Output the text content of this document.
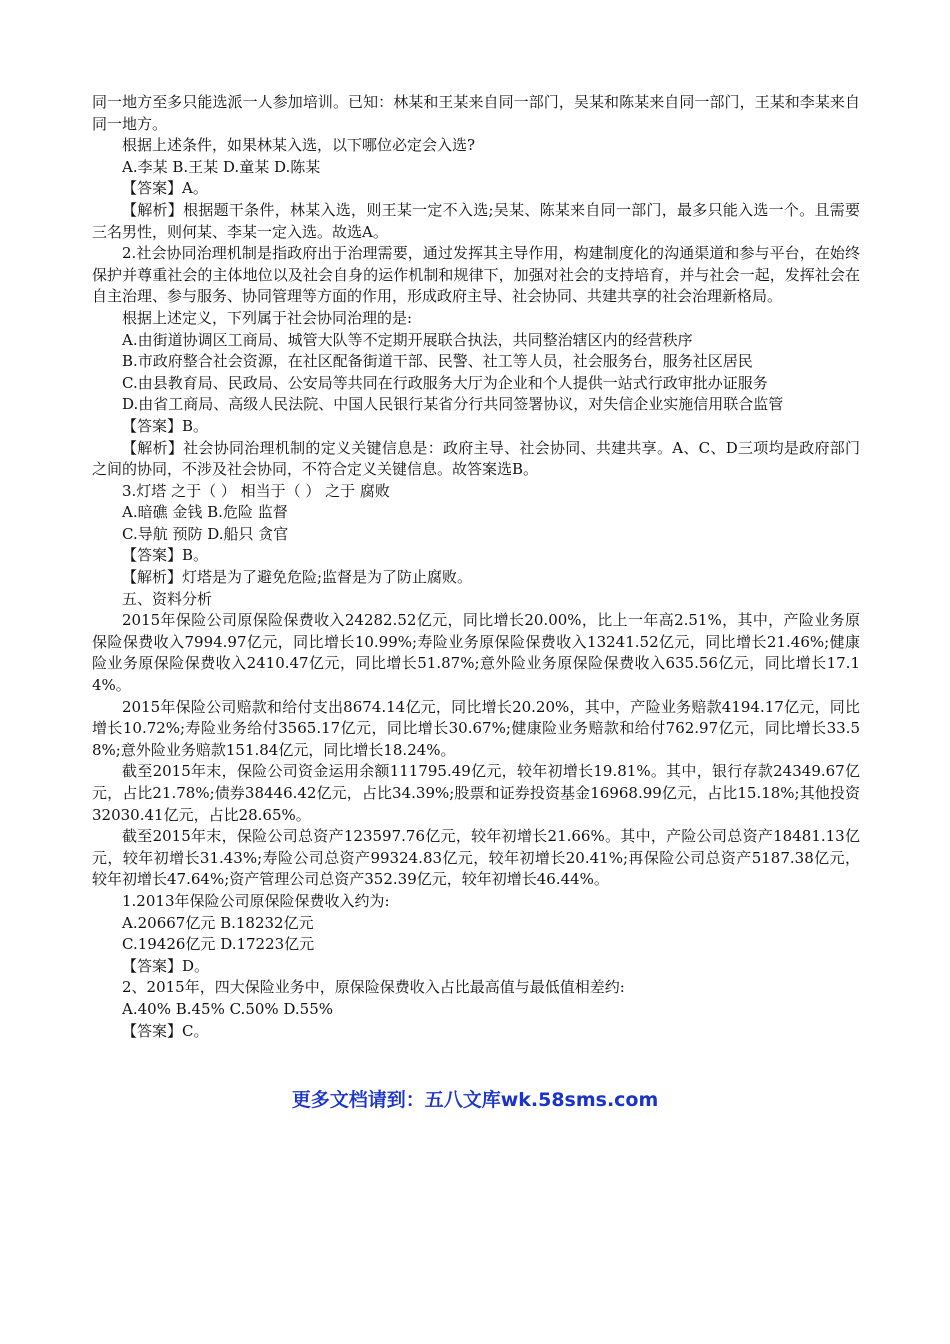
同一地方至多只能选派一人参加培训。已知：林某和王某来自同一部门，吴某和陈某来自同一部门，王某和李某来自同一地方。

根据上述条件，如果林某入选，以下哪位必定会入选?

A.李某 B.王某 D.童某 D.陈某

【答案】A。

【解析】根据题干条件，林某入选，则王某一定不入选;吴某、陈某来自同一部门，最多只能入选一个。且需要三名男性，则何某、李某一定入选。故选A。

2.社会协同治理机制是指政府出于治理需要，通过发挥其主导作用，构建制度化的沟通渠道和参与平台，在始终保护并尊重社会的主体地位以及社会自身的运作机制和规律下，加强对社会的支持培育，并与社会一起，发挥社会在自主治理、参与服务、协同管理等方面的作用，形成政府主导、社会协同、共建共享的社会治理新格局。

根据上述定义，下列属于社会协同治理的是:

A.由街道协调区工商局、城管大队等不定期开展联合执法，共同整治辖区内的经营秩序

B.市政府整合社会资源，在社区配备街道干部、民警、社工等人员，社会服务台，服务社区居民

C.由县教育局、民政局、公安局等共同在行政服务大厅为企业和个人提供一站式行政审批办证服务

D.由省工商局、高级人民法院、中国人民银行某省分行共同签署协议，对失信企业实施信用联合监管

【答案】B。

【解析】社会协同治理机制的定义关键信息是：政府主导、社会协同、共建共享。A、C、D三项均是政府部门之间的协同，不涉及社会协同，不符合定义关键信息。故答案选B。

3.灯塔 之于（ ） 相当于（ ） 之于 腐败

A.暗礁 金钱 B.危险 监督

C.导航 预防 D.船只 贪官

【答案】B。

【解析】灯塔是为了避免危险;监督是为了防止腐败。

五、资料分析

2015年保险公司原保险保费收入24282.52亿元，同比增长20.00%，比上一年高2.51%，其中，产险业务原保险保费收入7994.97亿元，同比增长10.99%;寿险业务原保险保费收入13241.52亿元，同比增长21.46%;健康险业务原保险保费收入2410.47亿元，同比增长51.87%;意外险业务原保险保费收入635.56亿元，同比增长17.14%。

2015年保险公司赔款和给付支出8674.14亿元，同比增长20.20%，其中，产险业务赔款4194.17亿元，同比增长10.72%;寿险业务给付3565.17亿元，同比增长30.67%;健康险业务赔款和给付762.97亿元，同比增长33.58%;意外险业务赔款151.84亿元，同比增长18.24%。

截至2015年末，保险公司资金运用余额111795.49亿元，较年初增长19.81%。其中，银行存款24349.67亿元，占比21.78%;债券38446.42亿元，占比34.39%;股票和证券投资基金16968.99亿元，占比15.18%;其他投资32030.41亿元，占比28.65%。

截至2015年末，保险公司总资产123597.76亿元，较年初增长21.66%。其中，产险公司总资产18481.13亿元，较年初增长31.43%;寿险公司总资产99324.83亿元，较年初增长20.41%;再保险公司总资产5187.38亿元，较年初增长47.64%;资产管理公司总资产352.39亿元，较年初增长46.44%。

1.2013年保险公司原保险保费收入约为:

A.20667亿元 B.18232亿元

C.19426亿元 D.17223亿元

【答案】D。

2、2015年，四大保险业务中，原保险保费收入占比最高值与最低值相差约:

A.40% B.45% C.50% D.55%

【答案】C。

更多文档请到：五八文库wk.58sms.com
